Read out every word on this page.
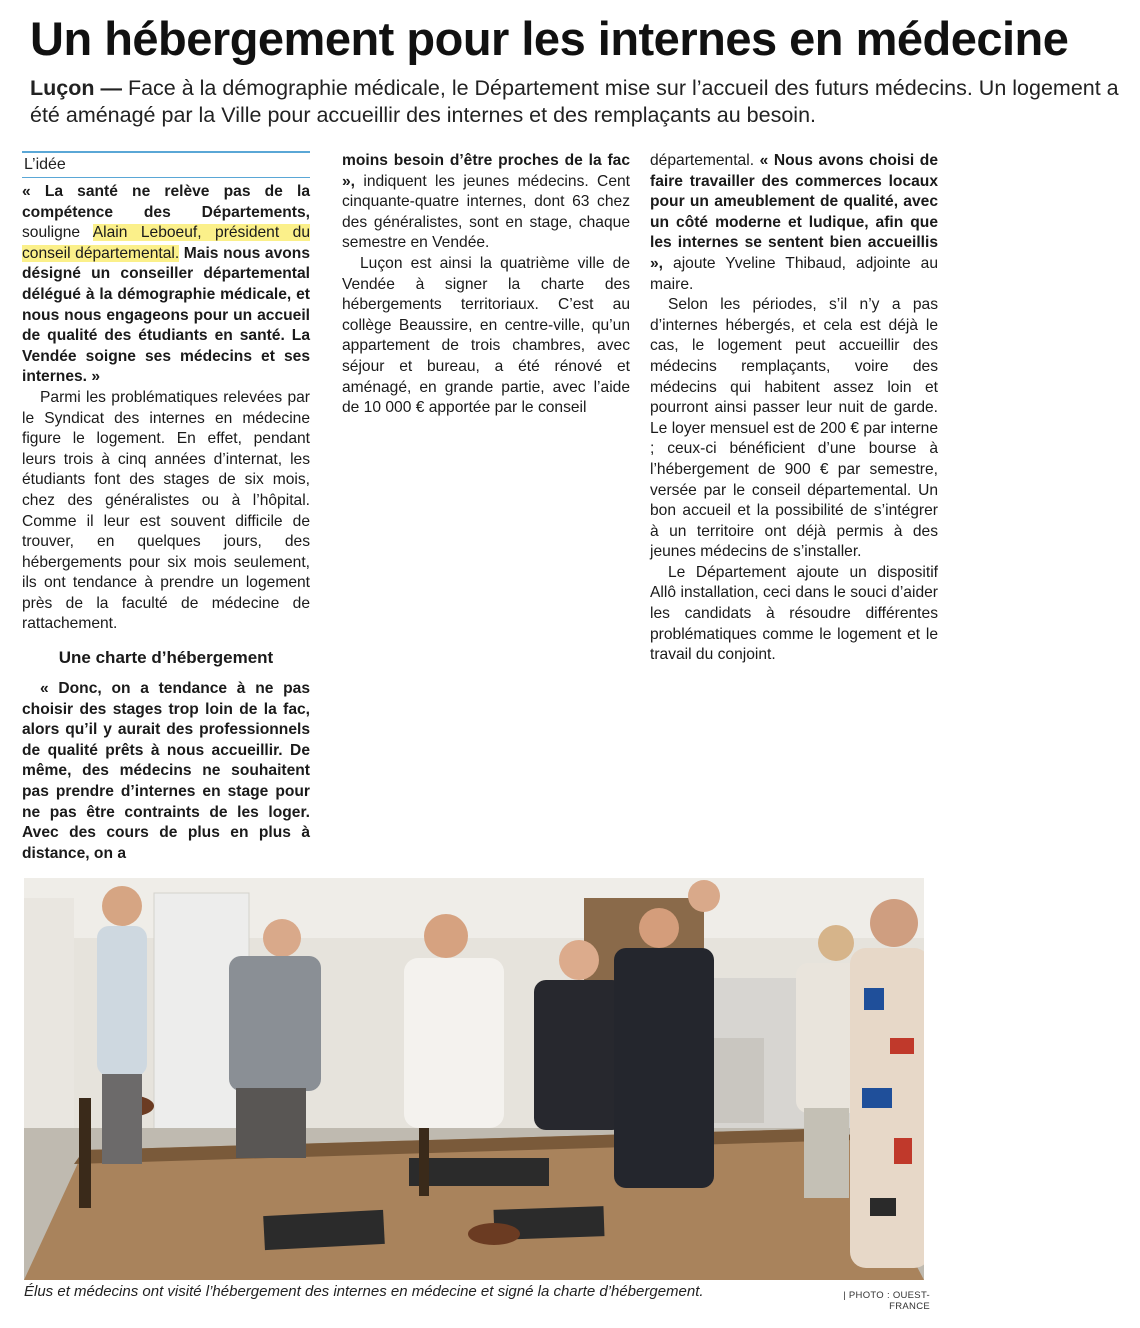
Un hébergement pour les internes en médecine
Luçon — Face à la démographie médicale, le Département mise sur l’accueil des futurs médecins. Un logement a été aménagé par la Ville pour accueillir des internes et des remplaçants au besoin.
L’idée

« La santé ne relève pas de la compétence des Départements, souligne Alain Leboeuf, président du conseil départemental. Mais nous avons désigné un conseiller départemental délégué à la démographie médicale, et nous nous engageons pour un accueil de qualité des étudiants en santé. La Vendée soigne ses médecins et ses internes. »

Parmi les problématiques relevées par le Syndicat des internes en médecine figure le logement. En effet, pendant leurs trois à cinq années d’internat, les étudiants font des stages de six mois, chez des généralistes ou à l’hôpital. Comme il leur est souvent difficile de trouver, en quelques jours, des hébergements pour six mois seulement, ils ont tendance à prendre un logement près de la faculté de médecine de rattachement.

Une charte d’hébergement

« Donc, on a tendance à ne pas choisir des stages trop loin de la fac, alors qu’il y aurait des professionnels de qualité prêts à nous accueillir. De même, des médecins ne souhaitent pas prendre d’internes en stage pour ne pas être contraints de les loger. Avec des cours de plus en plus à distance, on a

moins besoin d’être proches de la fac », indiquent les jeunes médecins. Cent cinquante-quatre internes, dont 63 chez des généralistes, sont en stage, chaque semestre en Vendée.

Luçon est ainsi la quatrième ville de Vendée à signer la charte des hébergements territoriaux. C’est au collège Beaussire, en centre-ville, qu’un appartement de trois chambres, avec séjour et bureau, a été rénové et aménagé, en grande partie, avec l’aide de 10 000 € apportée par le conseil

départemental. « Nous avons choisi de faire travailler des commerces locaux pour un ameublement de qualité, avec un côté moderne et ludique, afin que les internes se sentent bien accueillis », ajoute Yveline Thibaud, adjointe au maire.

Selon les périodes, s’il n’y a pas d’internes hébergés, et cela est déjà le cas, le logement peut accueillir des médecins remplaçants, voire des médecins qui habitent assez loin et pourront ainsi passer leur nuit de garde. Le loyer mensuel est de 200 € par interne ; ceux-ci bénéficient d’une bourse à l’hébergement de 900 € par semestre, versée par le conseil départemental. Un bon accueil et la possibilité de s’intégrer à un territoire ont déjà permis à des jeunes médecins de s’installer.

Le Département ajoute un dispositif Allô installation, ceci dans le souci d’aider les candidats à résoudre différentes problématiques comme le logement et le travail du conjoint.

Élus et médecins ont visité l’hébergement des internes en médecine et signé la charte d’hébergement.	| PHOTO : OUEST-FRANCE
